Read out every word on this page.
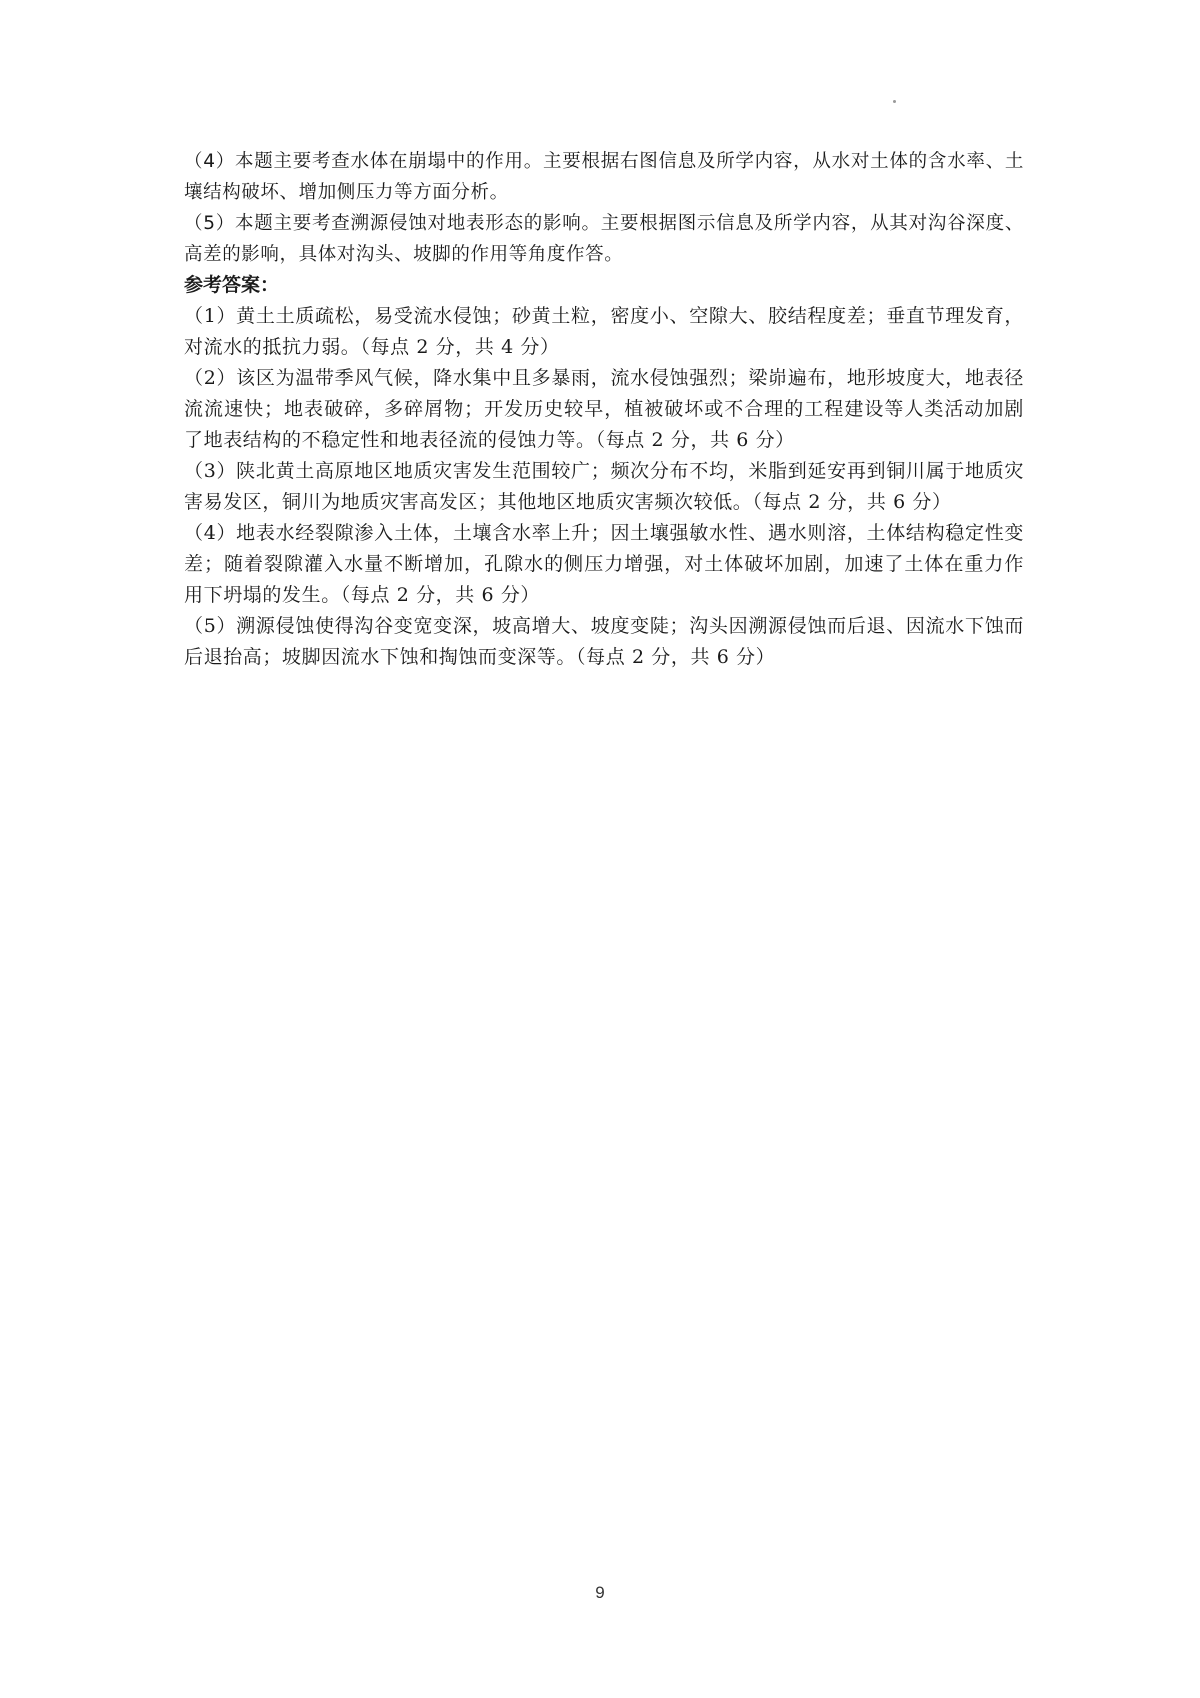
（4）本题主要考查水体在崩塌中的作用。主要根据右图信息及所学内容，从水对土体的含水率、土壤结构破坏、增加侧压力等方面分析。

（5）本题主要考查溯源侵蚀对地表形态的影响。主要根据图示信息及所学内容，从其对沟谷深度、高差的影响，具体对沟头、坡脚的作用等角度作答。

参考答案：

（1）黄土土质疏松，易受流水侵蚀；砂黄土粒，密度小、空隙大、胶结程度差；垂直节理发育，对流水的抵抗力弱。（每点 2 分，共 4 分）

（2）该区为温带季风气候，降水集中且多暴雨，流水侵蚀强烈；梁峁遍布，地形坡度大，地表径流流速快；地表破碎，多碎屑物；开发历史较早，植被破坏或不合理的工程建设等人类活动加剧了地表结构的不稳定性和地表径流的侵蚀力等。（每点 2 分，共 6 分）

（3）陕北黄土高原地区地质灾害发生范围较广；频次分布不均，米脂到延安再到铜川属于地质灾害易发区，铜川为地质灾害高发区；其他地区地质灾害频次较低。（每点 2 分，共 6 分）

（4）地表水经裂隙渗入土体，土壤含水率上升；因土壤强敏水性、遇水则溶，土体结构稳定性变差；随着裂隙灌入水量不断增加，孔隙水的侧压力增强，对土体破坏加剧，加速了土体在重力作用下坍塌的发生。（每点 2 分，共 6 分）

（5）溯源侵蚀使得沟谷变宽变深，坡高增大、坡度变陡；沟头因溯源侵蚀而后退、因流水下蚀而后退抬高；坡脚因流水下蚀和掏蚀而变深等。（每点 2 分，共 6 分）

9
